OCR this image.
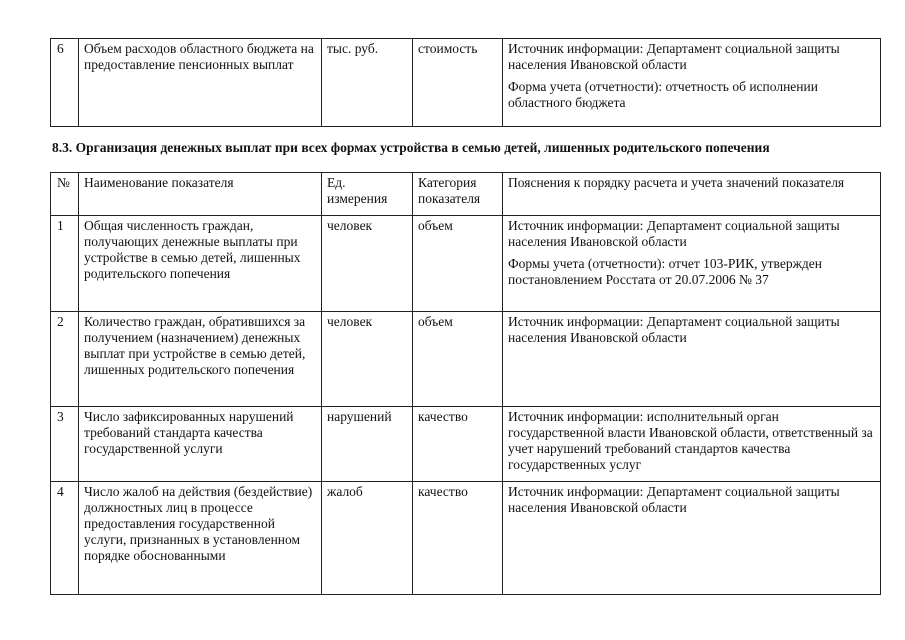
6	Объем расходов областного бюджета на предоставление пенсионных выплат	тыс. руб.	стоимость	Источник информации: Департамент социальной защиты населения Ивановской области

Форма учета (отчетности): отчетность об исполнении областного бюджета

8.3. Организация денежных выплат при всех формах устройства в семью детей, лишенных родительского попечения
№	Наименование показателя	Ед. измерения	Категория показателя	Пояснения к порядку расчета и учета значений показателя
1	Общая численность граждан, получающих денежные выплаты при устройстве в семью детей, лишенных родительского попечения	человек	объем	Источник информации: Департамент социальной защиты населения Ивановской области

Формы учета (отчетности): отчет 103-РИК, утвержден постановлением Росстата от 20.07.2006 № 37

2	Количество граждан, обратившихся за получением (назначением) денежных выплат при устройстве в семью детей, лишенных родительского попечения	человек	объем	Источник информации: Департамент социальной защиты населения Ивановской области

3	Число зафиксированных нарушений требований стандарта качества государственной услуги	нарушений	качество	Источник информации: исполнительный орган государственной власти Ивановской области, ответственный за учет нарушений требований стандартов качества государственных услуг

4	Число жалоб на действия (бездействие) должностных лиц в процессе предоставления государственной услуги, признанных в установленном порядке обоснованными	жалоб	качество	Источник информации: Департамент социальной защиты населения Ивановской области
